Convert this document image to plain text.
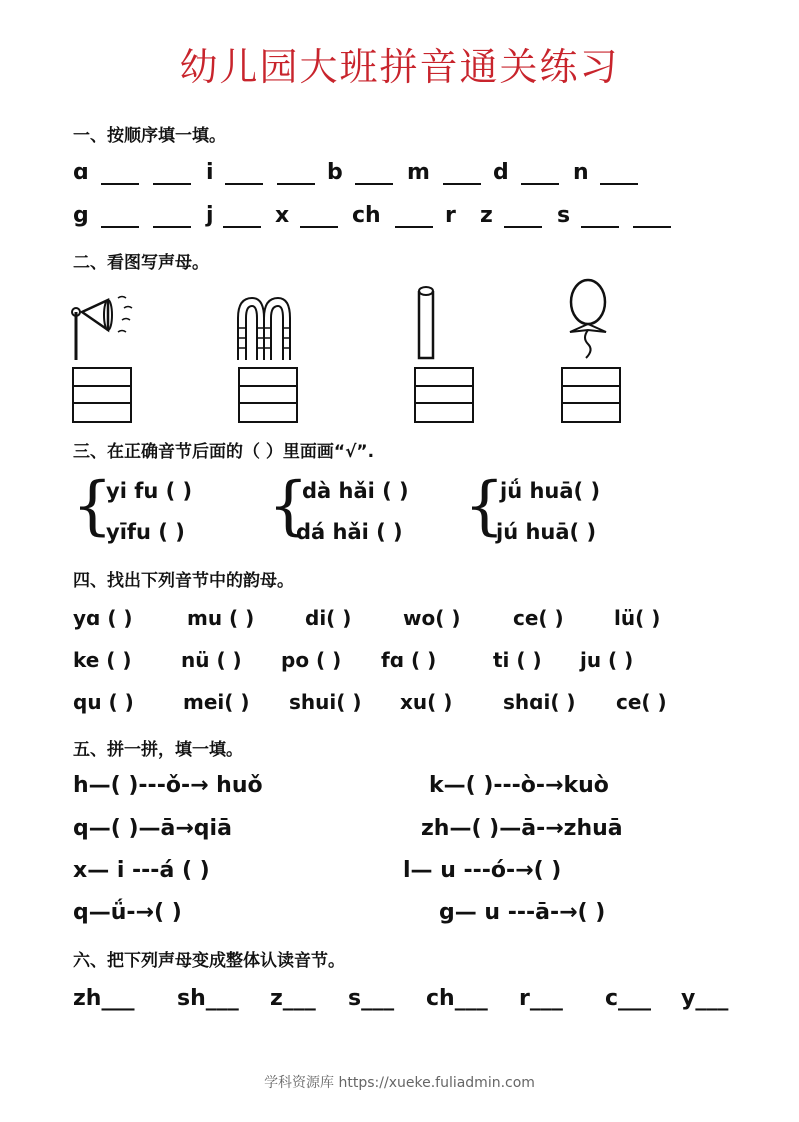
幼儿园大班拼音通关练习
一、按顺序填一填。
ɑ	i	b	m	d	n
g	j	x	ch	r z	s
二、看图写声母。
三、在正确音节后面的（ ）里面画“√”.
{
yi fu ( )
yīfu ( ) {
dà hǎi ( )
dá hǎi ( ) {
jǘ huā( )
jú huā( )
四、找出下列音节中的韵母。
yɑ ( )	mu ( )	di( )	wo( )	ce( )	lü( )
ke ( ) nü ( ) po ( ) fɑ ( )	ti ( ) ju ( )
qu ( ) mei( ) shui( ) xu( )	shɑi( ) ce( )
五、拼一拼，填一填。
h—( )---ǒ-→ huǒ	k—( )---ò-→kuò
q—( )—ā→qiā	zh—( )—ā-→zhuā
x— i ---á ( )	l— u ---ó-→( )
q—ǘ-→( )	g— u ---ā-→( )
六、把下列声母变成整体认读音节。
zh___ sh___ z___ s___ ch___ r___ c___ y___
学科资源库 https://xueke.fuliadmin.com
